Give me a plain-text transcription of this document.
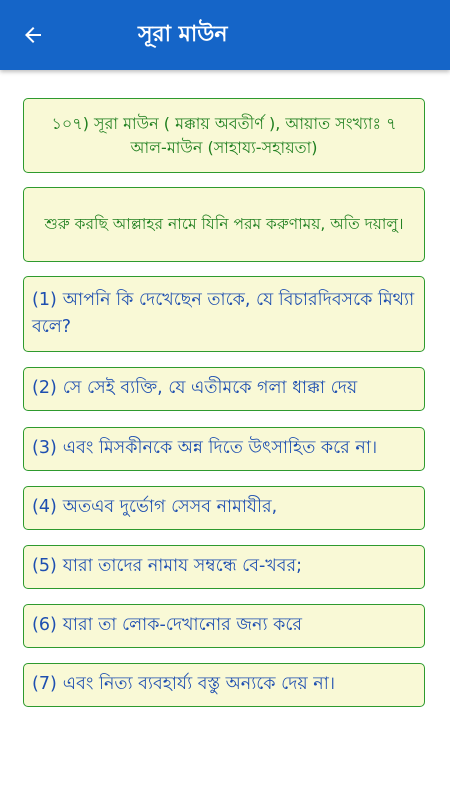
সূরা মাউন
১০৭) সূরা মাউন ( মক্কায় অবতীর্ণ ), আয়াত সংখ্যাঃ ৭
আল-মাউন (সাহায্য-সহায়তা)
শুরু করছি আল্লাহর নামে যিনি পরম করুণাময়, অতি দয়ালু।
(1) আপনি কি দেখেছেন তাকে, যে বিচারদিবসকে মিথ্যা বলে?
(2) সে সেই ব্যক্তি, যে এতীমকে গলা ধাক্কা দেয়
(3) এবং মিসকীনকে অন্ন দিতে উৎসাহিত করে না।
(4) অতএব দুর্ভোগ সেসব নামাযীর,
(5) যারা তাদের নামায সম্বন্ধে বে-খবর;
(6) যারা তা লোক-দেখানোর জন্য করে
(7) এবং নিত্য ব্যবহার্য্য বস্তু অন্যকে দেয় না।
